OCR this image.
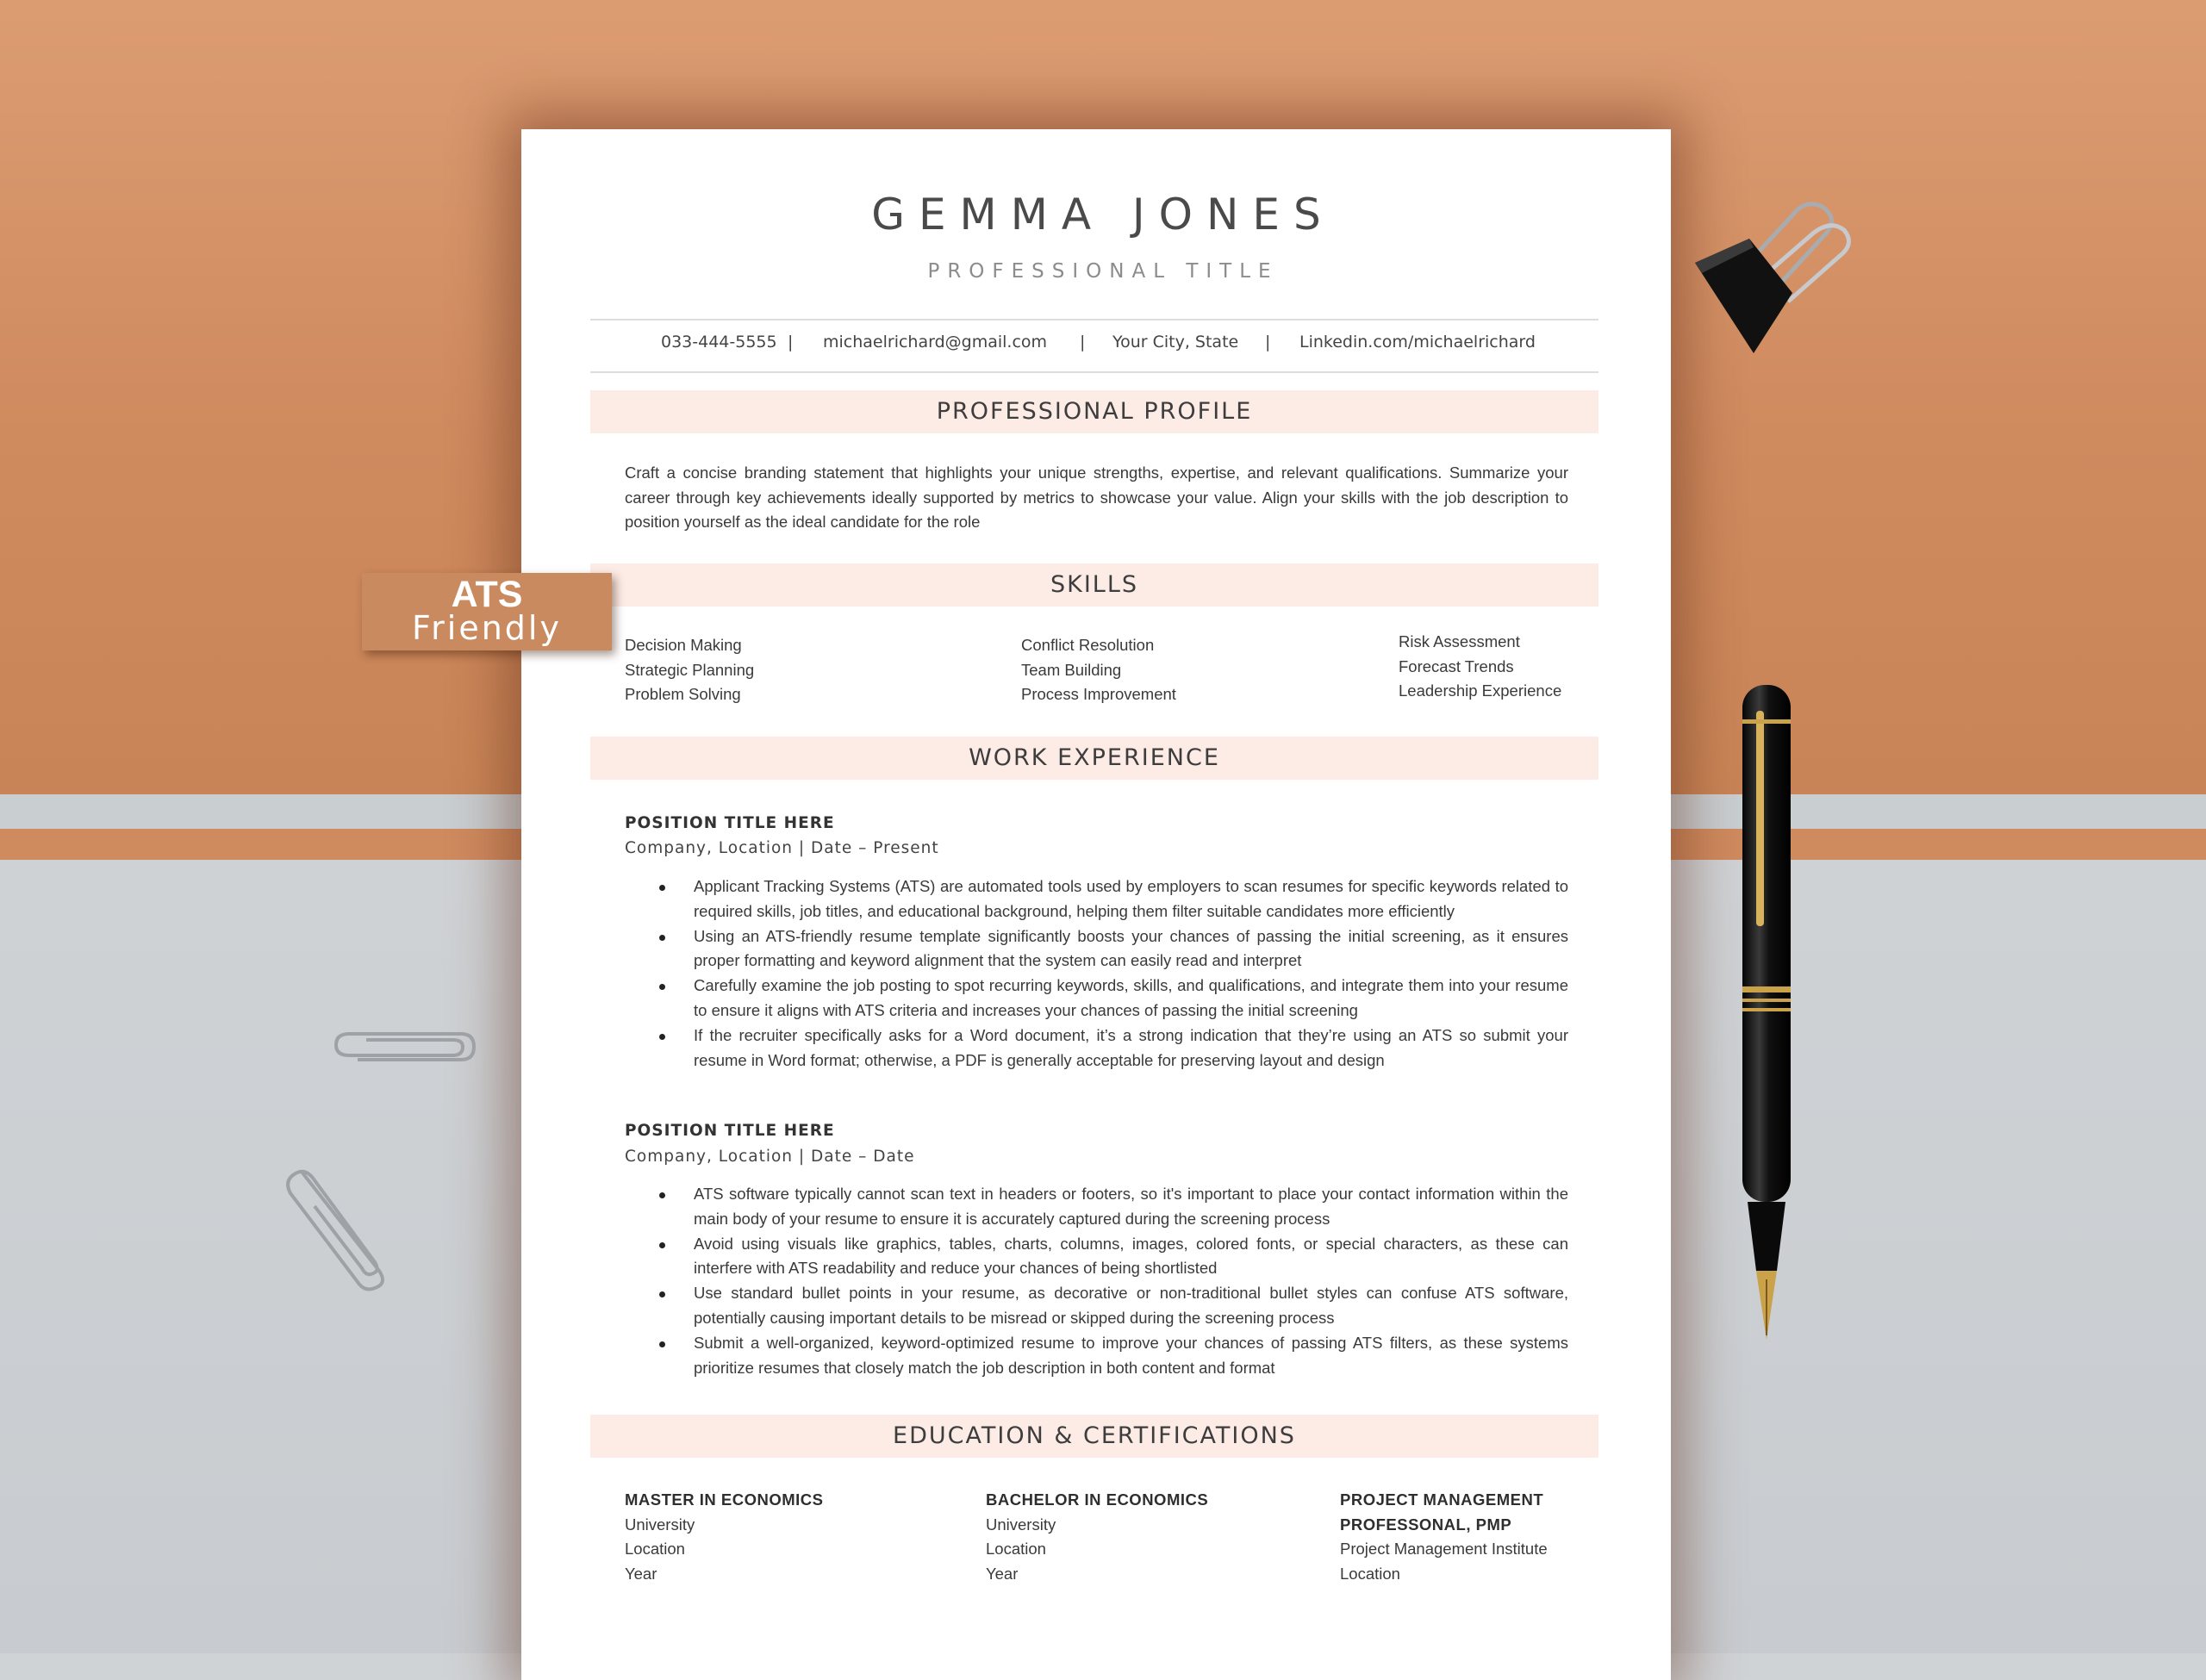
GEMMA JONES
PROFESSIONAL TITLE
033-444-5555 | michaelrichard@gmail.com | Your City, State | Linkedin.com/michaelrichard
PROFESSIONAL PROFILE
Craft a concise branding statement that highlights your unique strengths, expertise, and relevant qualifications. Summarize your career through key achievements ideally supported by metrics to showcase your value. Align your skills with the job description to position yourself as the ideal candidate for the role
SKILLS
Decision Making
Strategic Planning
Problem Solving
Conflict Resolution
Team Building
Process Improvement
Risk Assessment
Forecast Trends
Leadership Experience
WORK EXPERIENCE
POSITION TITLE HERE
Company, Location | Date – Present
Applicant Tracking Systems (ATS) are automated tools used by employers to scan resumes for specific keywords related to required skills, job titles, and educational background, helping them filter suitable candidates more efficiently
Using an ATS-friendly resume template significantly boosts your chances of passing the initial screening, as it ensures proper formatting and keyword alignment that the system can easily read and interpret
Carefully examine the job posting to spot recurring keywords, skills, and qualifications, and integrate them into your resume to ensure it aligns with ATS criteria and increases your chances of passing the initial screening
If the recruiter specifically asks for a Word document, it’s a strong indication that they’re using an ATS so submit your resume in Word format; otherwise, a PDF is generally acceptable for preserving layout and design
POSITION TITLE HERE
Company, Location | Date – Date
ATS software typically cannot scan text in headers or footers, so it's important to place your contact information within the main body of your resume to ensure it is accurately captured during the screening process
Avoid using visuals like graphics, tables, charts, columns, images, colored fonts, or special characters, as these can interfere with ATS readability and reduce your chances of being shortlisted
Use standard bullet points in your resume, as decorative or non-traditional bullet styles can confuse ATS software, potentially causing important details to be misread or skipped during the screening process
Submit a well-organized, keyword-optimized resume to improve your chances of passing ATS filters, as these systems prioritize resumes that closely match the job description in both content and format
EDUCATION & CERTIFICATIONS
MASTER IN ECONOMICS
University
Location
Year
BACHELOR IN ECONOMICS
University
Location
Year
PROJECT MANAGEMENT
PROFESSONAL, PMP
Project Management Institute
Location
ATS
Friendly
